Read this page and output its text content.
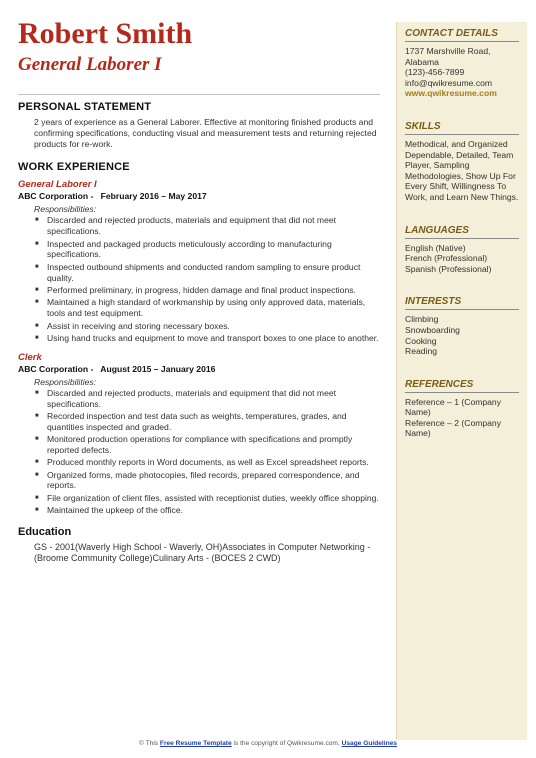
Robert Smith
General Laborer I
PERSONAL STATEMENT
2 years of experience as a General Laborer. Effective at monitoring finished products and confirming specifications, conducting visual and measurement tests and returning rejected products for re-work.
WORK EXPERIENCE
General Laborer I
ABC Corporation - February 2016 – May 2017
Responsibilities:
■ Discarded and rejected products, materials and equipment that did not meet specifications.
■ Inspected and packaged products meticulously according to manufacturing specifications.
■ Inspected outbound shipments and conducted random sampling to ensure product quality.
■ Performed preliminary, in progress, hidden damage and final product inspections.
■ Maintained a high standard of workmanship by using only approved data, materials, tools and test equipment.
■ Assist in receiving and storing necessary boxes.
■ Using hand trucks and equipment to move and transport boxes to one place to another.
Clerk
ABC Corporation - August 2015 – January 2016
Responsibilities:
■ Discarded and rejected products, materials and equipment that did not meet specifications.
■ Recorded inspection and test data such as weights, temperatures, grades, and quantities inspected and graded.
■ Monitored production operations for compliance with specifications and promptly reported defects.
■ Produced monthly reports in Word documents, as well as Excel spreadsheet reports.
■ Organized forms, made photocopies, filed records, prepared correspondence, and reports.
■ File organization of client files, assisted with receptionist duties, weekly office shopping.
■ Maintained the upkeep of the office.
Education
GS - 2001(Waverly High School - Waverly, OH)Associates in Computer Networking - (Broome Community College)Culinary Arts - (BOCES 2 CWD)
CONTACT DETAILS
1737 Marshville Road,
Alabama
(123)-456-7899
info@qwikresume.com
www.qwikresume.com
SKILLS
Methodical, and Organized Dependable, Detailed, Team Player, Sampling Methodologies, Show Up For Every Shift, Willingness To Work, and Learn New Things.
LANGUAGES
English (Native)
French (Professional)
Spanish (Professional)
INTERESTS
Climbing
Snowboarding
Cooking
Reading
REFERENCES
Reference – 1 (Company Name)
Reference – 2 (Company Name)
© This Free Resume Template is the copyright of Qwikresume.com. Usage Guidelines
